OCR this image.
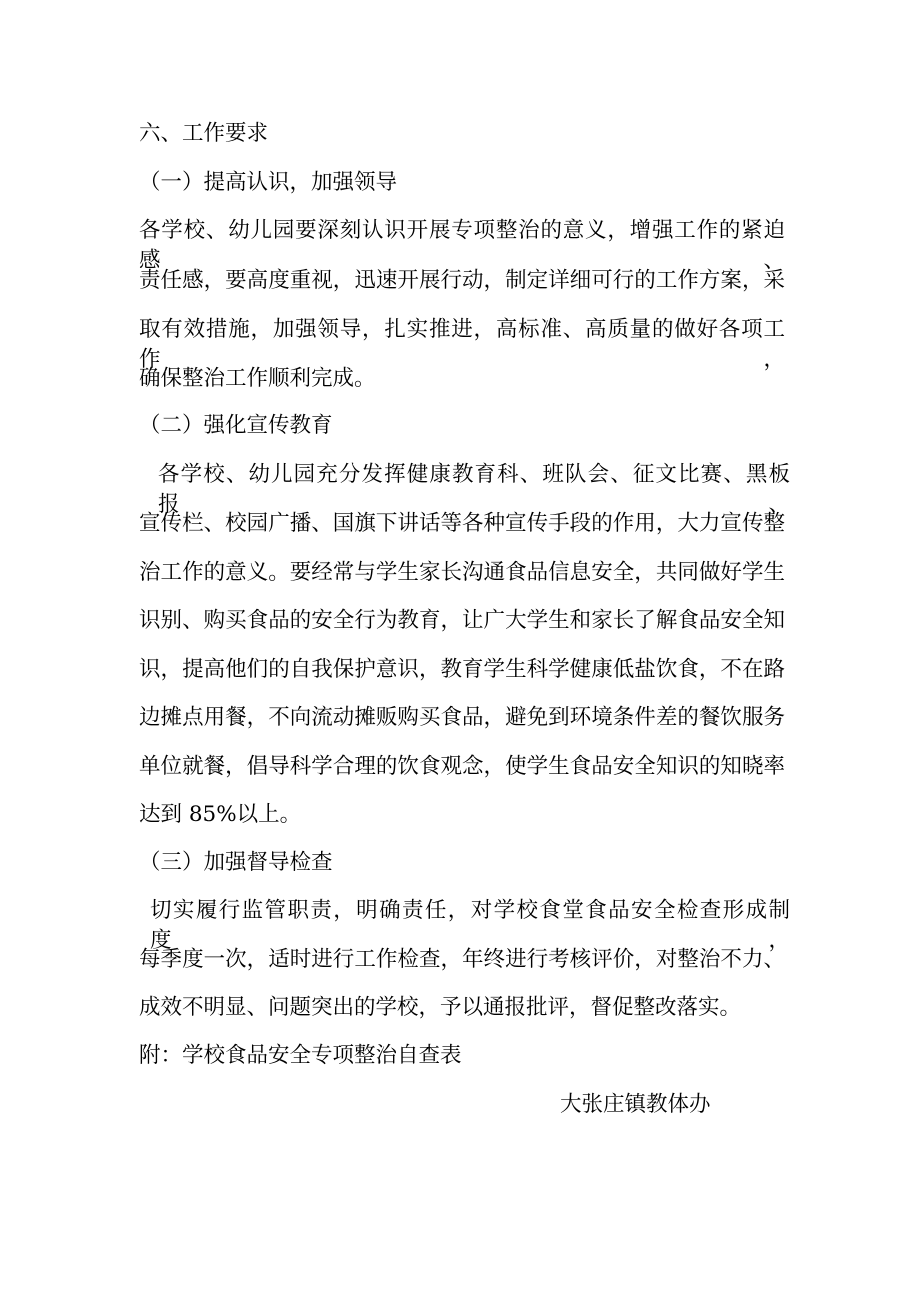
六、工作要求
（一）提高认识，加强领导
各学校、幼儿园要深刻认识开展专项整治的意义，增强工作的紧迫感、
责任感，要高度重视，迅速开展行动，制定详细可行的工作方案，采
取有效措施，加强领导，扎实推进，高标准、高质量的做好各项工作，
确保整治工作顺利完成。
（二）强化宣传教育
各学校、幼儿园充分发挥健康教育科、班队会、征文比赛、黑板报、
宣传栏、校园广播、国旗下讲话等各种宣传手段的作用，大力宣传整
治工作的意义。要经常与学生家长沟通食品信息安全，共同做好学生
识别、购买食品的安全行为教育，让广大学生和家长了解食品安全知
识，提高他们的自我保护意识，教育学生科学健康低盐饮食，不在路
边摊点用餐，不向流动摊贩购买食品，避免到环境条件差的餐饮服务
单位就餐，倡导科学合理的饮食观念，使学生食品安全知识的知晓率
达到 85%以上。
（三）加强督导检查
切实履行监管职责，明确责任，对学校食堂食品安全检查形成制度，
每季度一次，适时进行工作检查，年终进行考核评价，对整治不力、
成效不明显、问题突出的学校，予以通报批评，督促整改落实。
附：学校食品安全专项整治自查表
大张庄镇教体办
